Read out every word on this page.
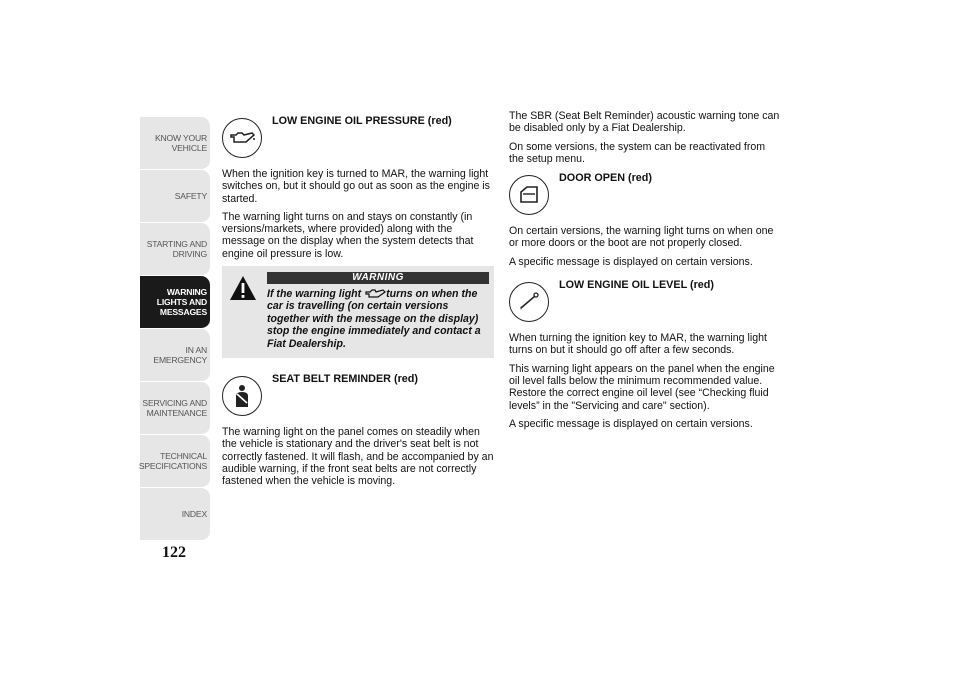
KNOW YOUR VEHICLE
SAFETY
STARTING AND DRIVING
WARNING LIGHTS AND MESSAGES
IN AN EMERGENCY
SERVICING AND MAINTENANCE
TECHNICAL SPECIFICATIONS
INDEX
122
LOW ENGINE OIL PRESSURE (red)

When the ignition key is turned to MAR, the warning light switches on, but it should go out as soon as the engine is started.

The warning light turns on and stays on constantly (in versions/markets, where provided) along with the message on the display when the system detects that engine oil pressure is low.

WARNING
If the warning light turns on when the car is travelling (on certain versions together with the message on the display) stop the engine immediately and contact a Fiat Dealership.
SEAT BELT REMINDER (red)

The warning light on the panel comes on steadily when the vehicle is stationary and the driver's seat belt is not correctly fastened. It will flash, and be accompanied by an audible warning, if the front seat belts are not correctly fastened when the vehicle is moving.

The SBR (Seat Belt Reminder) acoustic warning tone can be disabled only by a Fiat Dealership.

On some versions, the system can be reactivated from the setup menu.

DOOR OPEN (red)

On certain versions, the warning light turns on when one or more doors or the boot are not properly closed.

A specific message is displayed on certain versions.

LOW ENGINE OIL LEVEL (red)

When turning the ignition key to MAR, the warning light turns on but it should go off after a few seconds.

This warning light appears on the panel when the engine oil level falls below the minimum recommended value. Restore the correct engine oil level (see “Checking fluid levels” in the "Servicing and care" section).

A specific message is displayed on certain versions.
